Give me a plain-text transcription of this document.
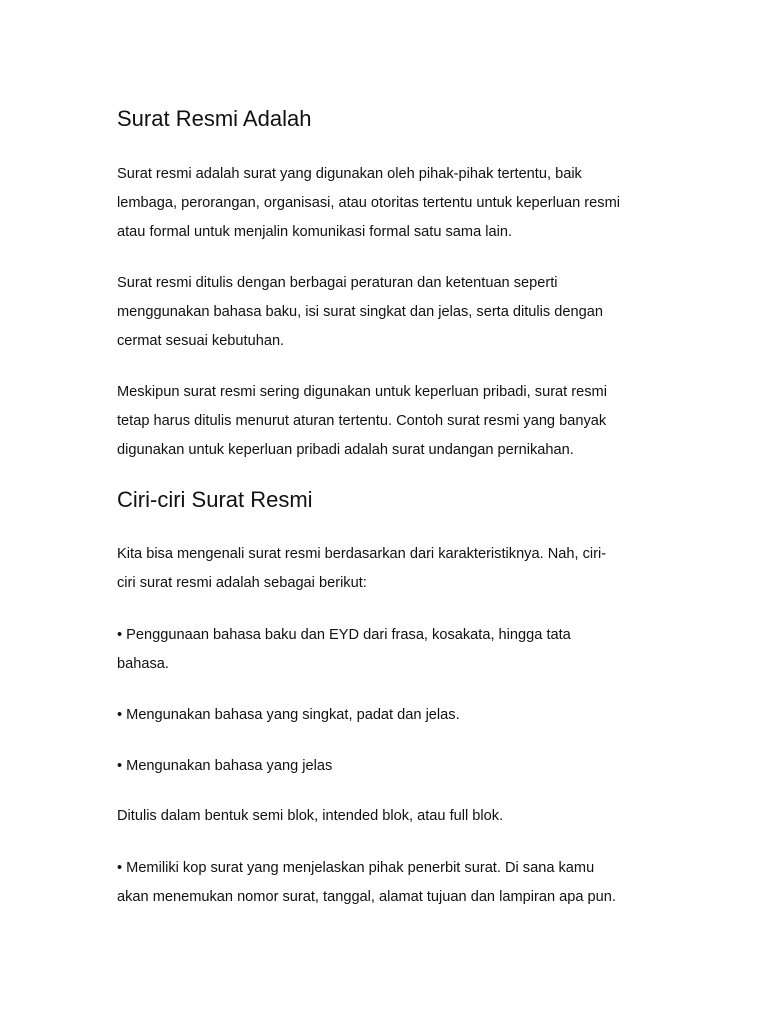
Surat Resmi Adalah
Surat resmi adalah surat yang digunakan oleh pihak-pihak tertentu, baik
lembaga, perorangan, organisasi, atau otoritas tertentu untuk keperluan resmi
atau formal untuk menjalin komunikasi formal satu sama lain.
Surat resmi ditulis dengan berbagai peraturan dan ketentuan seperti
menggunakan bahasa baku, isi surat singkat dan jelas, serta ditulis dengan
cermat sesuai kebutuhan.
Meskipun surat resmi sering digunakan untuk keperluan pribadi, surat resmi
tetap harus ditulis menurut aturan tertentu. Contoh surat resmi yang banyak
digunakan untuk keperluan pribadi adalah surat undangan pernikahan.
Ciri-ciri Surat Resmi
Kita bisa mengenali surat resmi berdasarkan dari karakteristiknya. Nah, ciri-
ciri surat resmi adalah sebagai berikut:
• Penggunaan bahasa baku dan EYD dari frasa, kosakata, hingga tata
bahasa.
• Mengunakan bahasa yang singkat, padat dan jelas.
• Mengunakan bahasa yang jelas
Ditulis dalam bentuk semi blok, intended blok, atau full blok.
• Memiliki kop surat yang menjelaskan pihak penerbit surat. Di sana kamu
akan menemukan nomor surat, tanggal, alamat tujuan dan lampiran apa pun.
